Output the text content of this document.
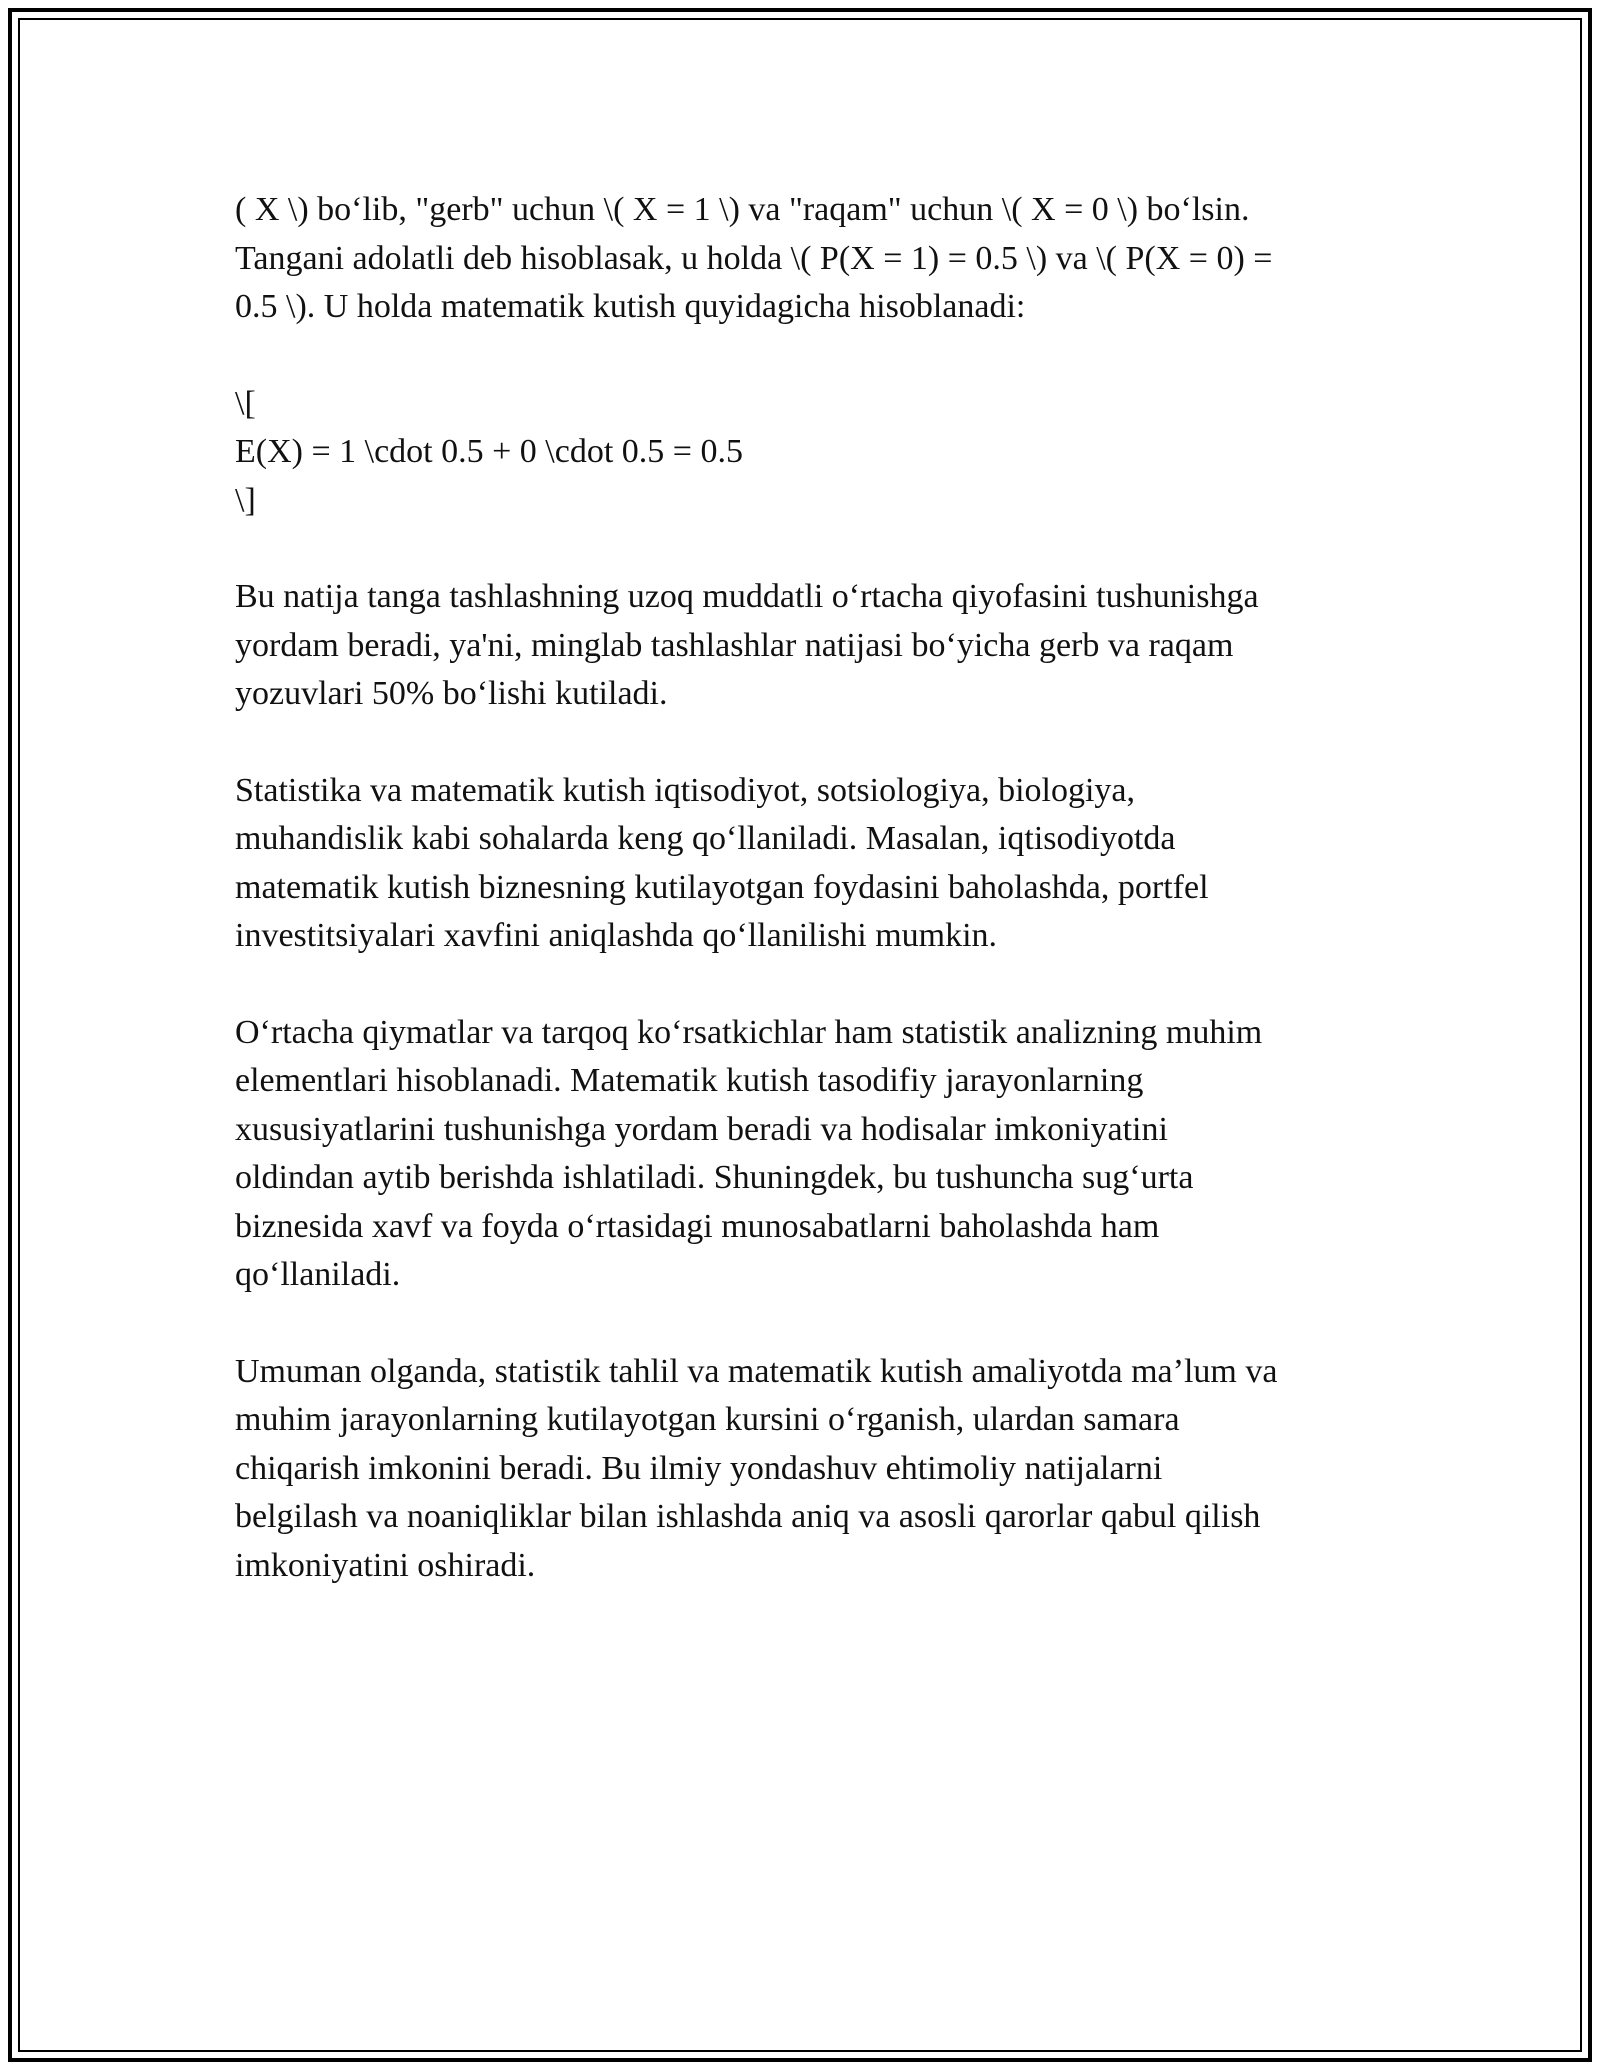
( X \) bo‘lib, "gerb" uchun \( X = 1 \) va "raqam" uchun \( X = 0 \) bo‘lsin.
Tangani adolatli deb hisoblasak, u holda \( P(X = 1) = 0.5 \) va \( P(X = 0) =
0.5 \). U holda matematik kutish quyidagicha hisoblanadi:

\[
E(X) = 1 \cdot 0.5 + 0 \cdot 0.5 = 0.5
\]

Bu natija tanga tashlashning uzoq muddatli o‘rtacha qiyofasini tushunishga
yordam beradi, ya'ni, minglab tashlashlar natijasi bo‘yicha gerb va raqam
yozuvlari 50% bo‘lishi kutiladi.

Statistika va matematik kutish iqtisodiyot, sotsiologiya, biologiya,
muhandislik kabi sohalarda keng qo‘llaniladi. Masalan, iqtisodiyotda
matematik kutish biznesning kutilayotgan foydasini baholashda, portfel
investitsiyalari xavfini aniqlashda qo‘llanilishi mumkin.

O‘rtacha qiymatlar va tarqoq ko‘rsatkichlar ham statistik analizning muhim
elementlari hisoblanadi. Matematik kutish tasodifiy jarayonlarning
xususiyatlarini tushunishga yordam beradi va hodisalar imkoniyatini
oldindan aytib berishda ishlatiladi. Shuningdek, bu tushuncha sug‘urta
biznesida xavf va foyda o‘rtasidagi munosabatlarni baholashda ham
qo‘llaniladi.

Umuman olganda, statistik tahlil va matematik kutish amaliyotda ma’lum va
muhim jarayonlarning kutilayotgan kursini o‘rganish, ulardan samara
chiqarish imkonini beradi. Bu ilmiy yondashuv ehtimoliy natijalarni
belgilash va noaniqliklar bilan ishlashda aniq va asosli qarorlar qabul qilish
imkoniyatini oshiradi.
